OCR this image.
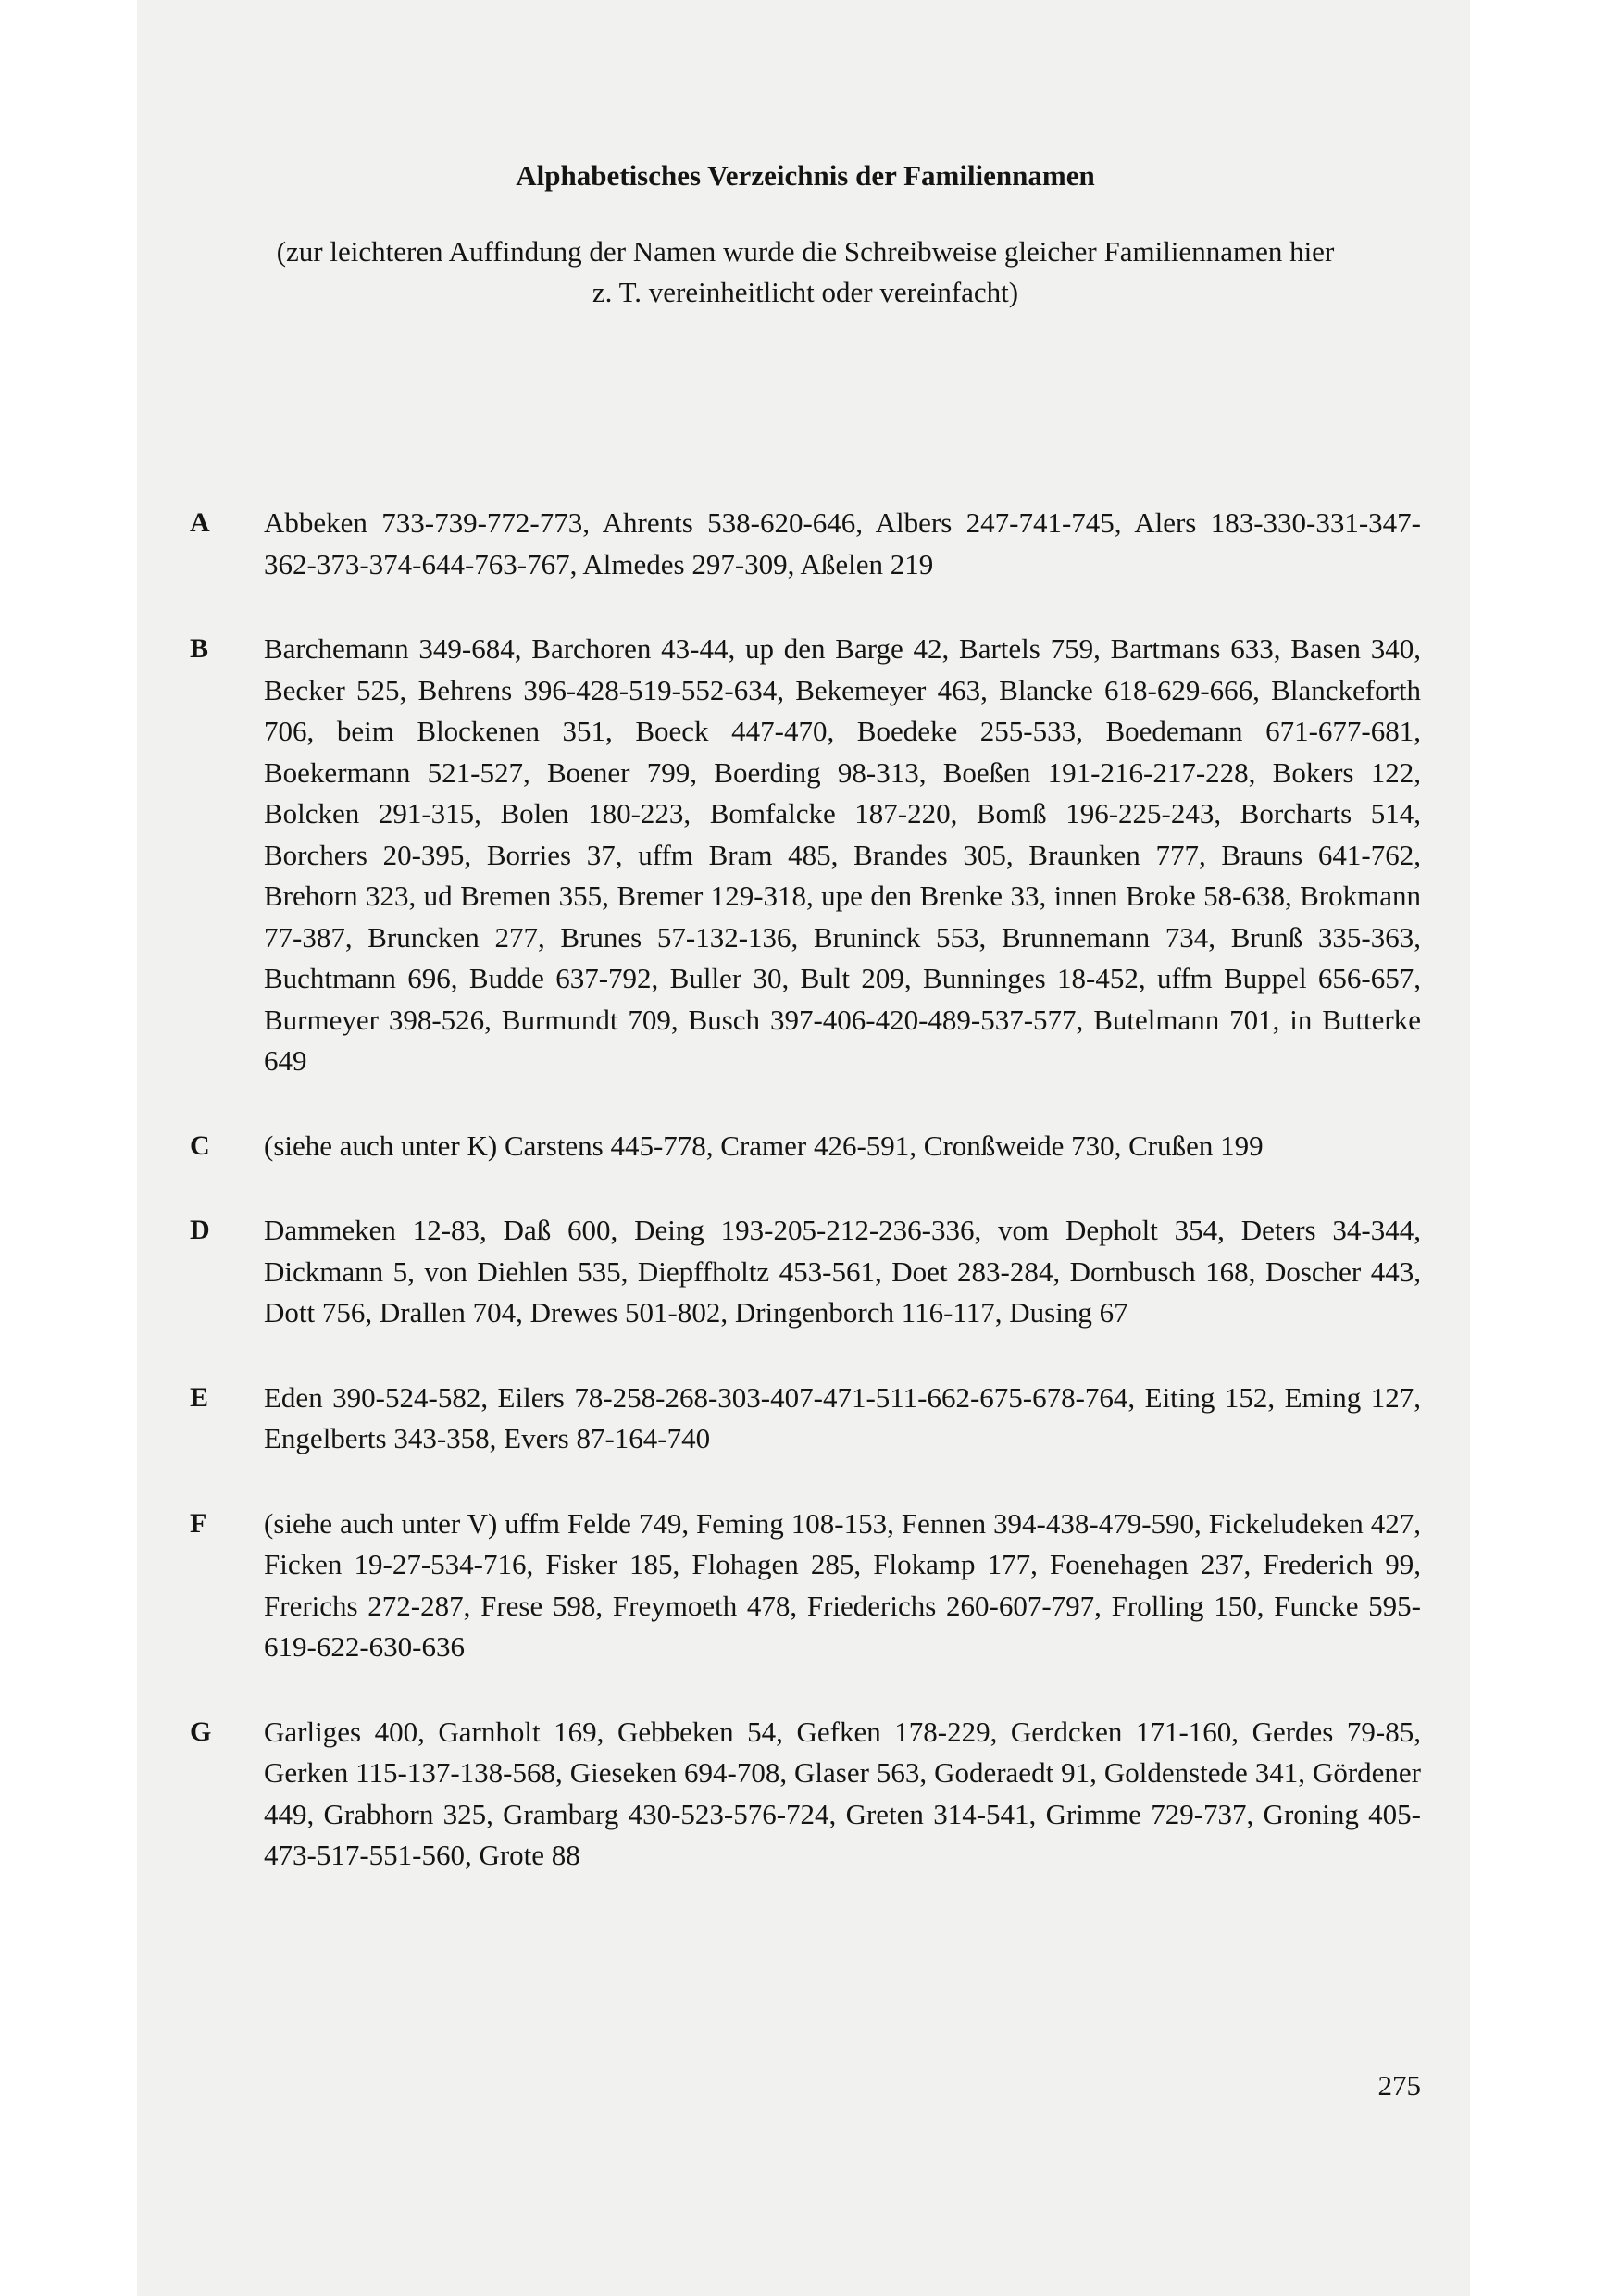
Alphabetisches Verzeichnis der Familiennamen

(zur leichteren Auffindung der Namen wurde die Schreibweise gleicher Familiennamen hier
z. T. vereinheitlicht oder vereinfacht)

A	Abbeken 733-739-772-773, Ahrents 538-620-646, Albers 247-741-745, Alers 183-330-331-347-362-373-374-644-763-767, Almedes 297-309, Aßelen 219

B	Barchemann 349-684, Barchoren 43-44, up den Barge 42, Bartels 759, Bartmans 633, Basen 340, Becker 525, Behrens 396-428-519-552-634, Bekemeyer 463, Blancke 618-629-666, Blanckeforth 706, beim Blockenen 351, Boeck 447-470, Boedeke 255-533, Boedemann 671-677-681, Boekermann 521-527, Boener 799, Boerding 98-313, Boeßen 191-216-217-228, Bokers 122, Bolcken 291-315, Bolen 180-223, Bomfalcke 187-220, Bomß 196-225-243, Borcharts 514, Borchers 20-395, Borries 37, uffm Bram 485, Brandes 305, Braunken 777, Brauns 641-762, Brehorn 323, ud Bremen 355, Bremer 129-318, upe den Brenke 33, innen Broke 58-638, Brokmann 77-387, Bruncken 277, Brunes 57-132-136, Bruninck 553, Brunnemann 734, Brunß 335-363, Buchtmann 696, Budde 637-792, Buller 30, Bult 209, Bunninges 18-452, uffm Buppel 656-657, Burmeyer 398-526, Burmundt 709, Busch 397-406-420-489-537-577, Butelmann 701, in Butterke 649

C	(siehe auch unter K) Carstens 445-778, Cramer 426-591, Cronßweide 730, Crußen 199

D	Dammeken 12-83, Daß 600, Deing 193-205-212-236-336, vom Depholt 354, Deters 34-344, Dickmann 5, von Diehlen 535, Diepffholtz 453-561, Doet 283-284, Dornbusch 168, Doscher 443, Dott 756, Drallen 704, Drewes 501-802, Dringenborch 116-117, Dusing 67

E	Eden 390-524-582, Eilers 78-258-268-303-407-471-511-662-675-678-764, Eiting 152, Eming 127, Engelberts 343-358, Evers 87-164-740

F	(siehe auch unter V) uffm Felde 749, Feming 108-153, Fennen 394-438-479-590, Fickeludeken 427, Ficken 19-27-534-716, Fisker 185, Flohagen 285, Flokamp 177, Foenehagen 237, Frederich 99, Frerichs 272-287, Frese 598, Freymoeth 478, Friederichs 260-607-797, Frolling 150, Funcke 595-619-622-630-636

G	Garliges 400, Garnholt 169, Gebbeken 54, Gefken 178-229, Gerdcken 171-160, Gerdes 79-85, Gerken 115-137-138-568, Gieseken 694-708, Glaser 563, Goderaedt 91, Goldenstede 341, Gördener 449, Grabhorn 325, Grambarg 430-523-576-724, Greten 314-541, Grimme 729-737, Groning 405-473-517-551-560, Grote 88

275
